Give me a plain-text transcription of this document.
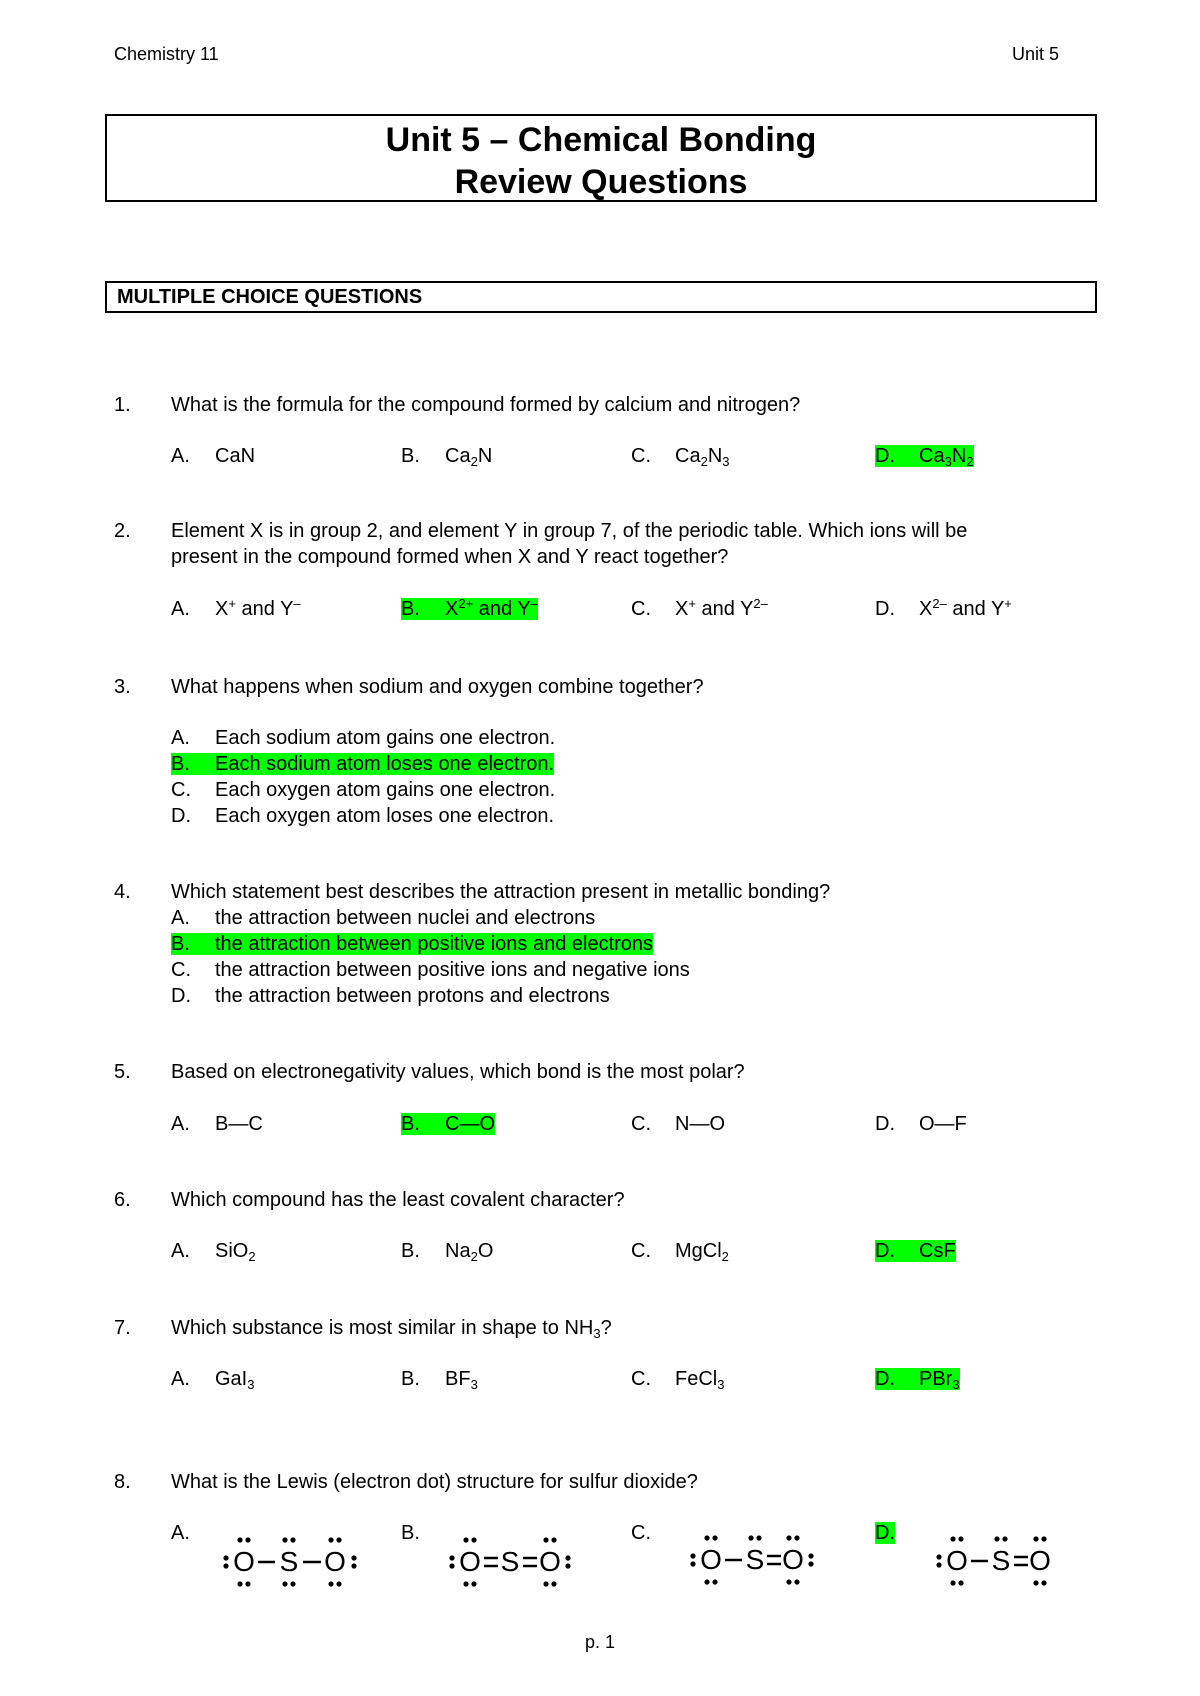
Chemistry 11	Unit 5
Unit 5 – Chemical Bonding
Review Questions
MULTIPLE CHOICE QUESTIONS
1. What is the formula for the compound formed by calcium and nitrogen?
A. CaN	B. $Ca_2N$	C. $Ca_2N_3$	D. $Ca_3N_2$
2. Element X is in group 2, and element Y in group 7, of the periodic table. Which ions will be
present in the compound formed when X and Y react together?
A. X+ and Y–	B. $X^{2+}$ and Y–	C. X+ and $Y^{2-}$	D. $X^{2-}$ and Y+
3. What happens when sodium and oxygen combine together?
A. Each sodium atom gains one electron.
B. Each sodium atom loses one electron.
C. Each oxygen atom gains one electron.
D. Each oxygen atom loses one electron.
4. Which statement best describes the attraction present in metallic bonding?
A. the attraction between nuclei and electrons
B. the attraction between positive ions and electrons
C. the attraction between positive ions and negative ions
D. the attraction between protons and electrons
5. Based on electronegativity values, which bond is the most polar?
A. B—C	B. C—O	C. N—O	D. O—F
6. Which compound has the least covalent character?
A. SiO$_2$	B. $Na_2O$	C. MgCl$_2$	D. CsF
7. Which substance is most similar in shape to $NH_3$?
A. GaI$_3$	B. $BF_3$	C. FeCl$_3$	D. PBr$_3$
8. What is the Lewis (electron dot) structure for sulfur dioxide?
A.	B.	C.	D.
O S O	O S O	O S O	O S O
p. 1
